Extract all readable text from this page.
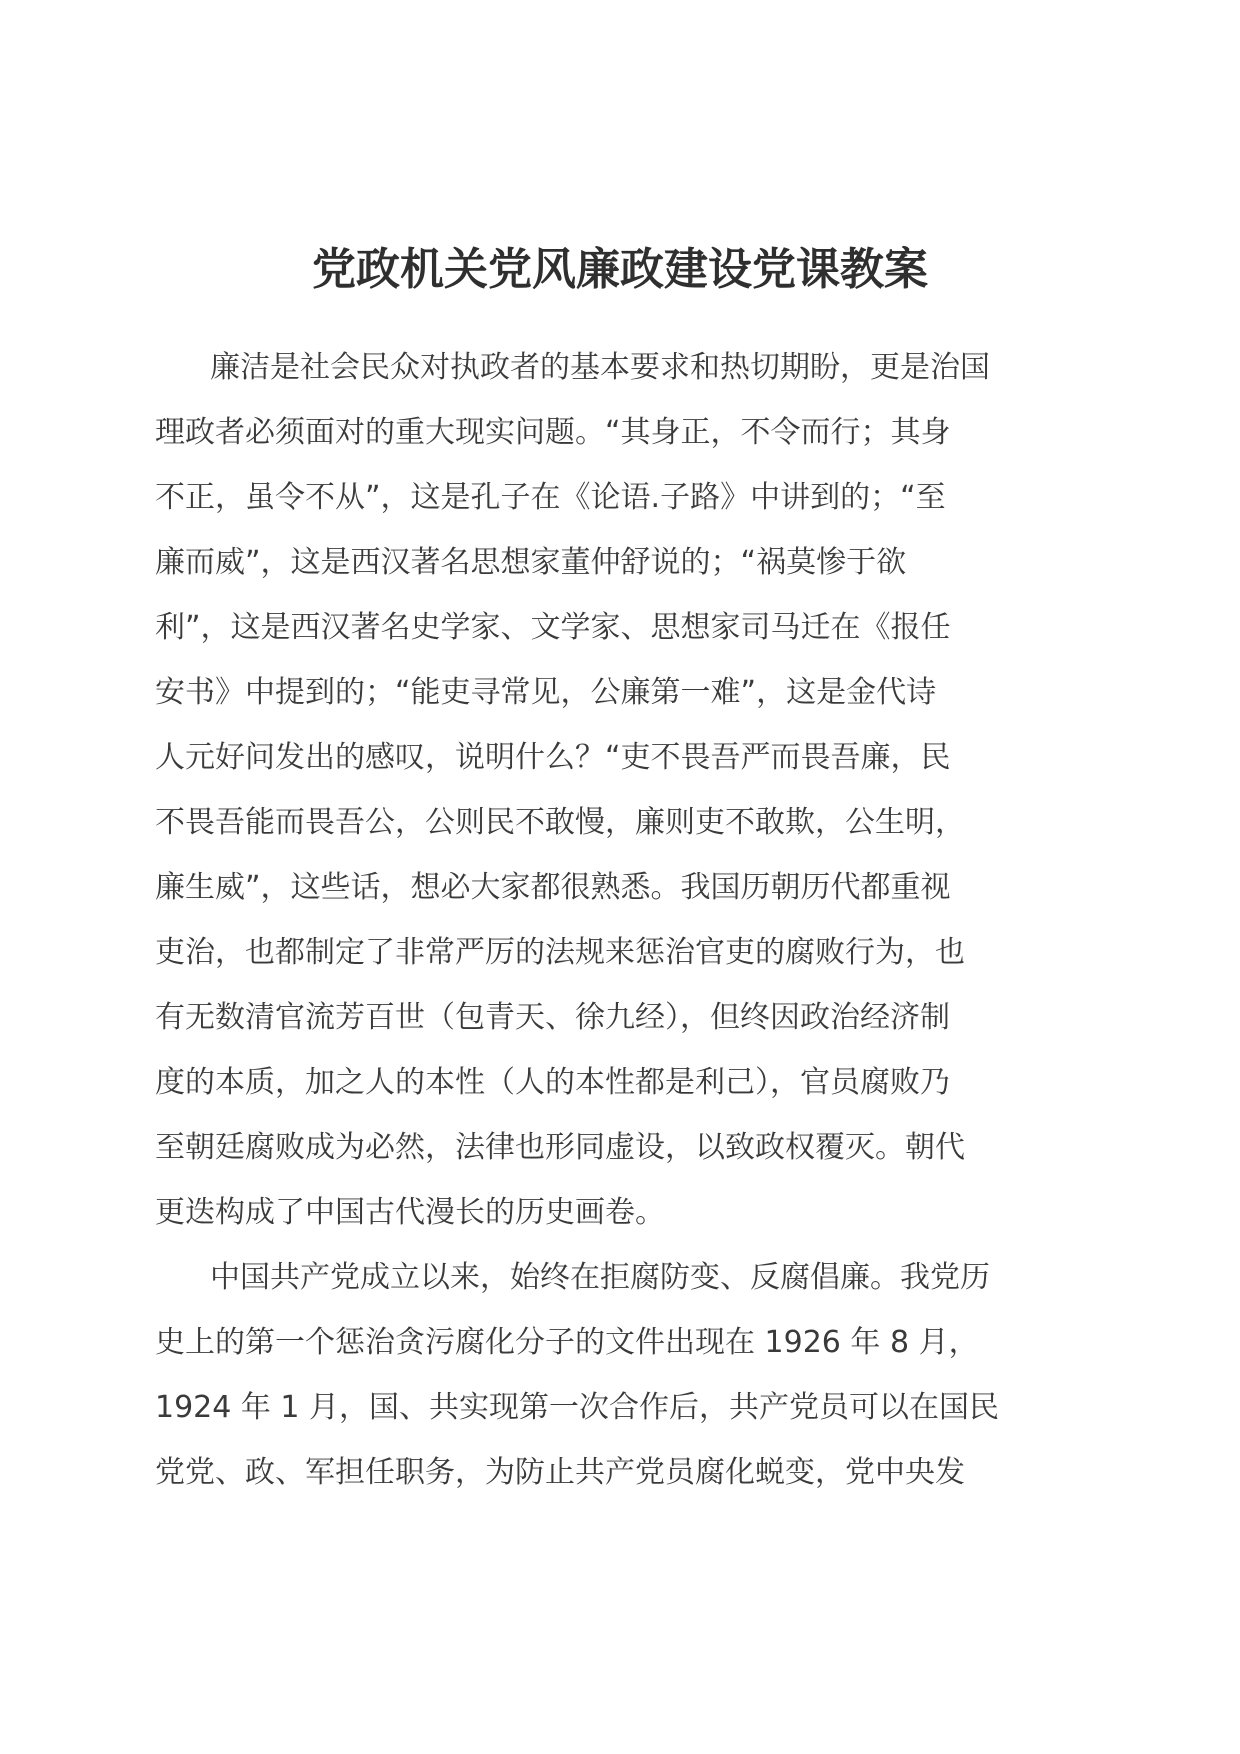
党政机关党风廉政建设党课教案
廉洁是社会民众对执政者的基本要求和热切期盼，更是治国
理政者必须面对的重大现实问题。“其身正，不令而行；其身
不正，虽令不从”，这是孔子在《论语.子路》中讲到的；“至
廉而威”，这是西汉著名思想家董仲舒说的；“祸莫惨于欲
利”，这是西汉著名史学家、文学家、思想家司马迁在《报任
安书》中提到的；“能吏寻常见，公廉第一难”，这是金代诗
人元好问发出的感叹，说明什么？“吏不畏吾严而畏吾廉，民
不畏吾能而畏吾公，公则民不敢慢，廉则吏不敢欺，公生明，
廉生威”，这些话，想必大家都很熟悉。我国历朝历代都重视
吏治，也都制定了非常严厉的法规来惩治官吏的腐败行为，也
有无数清官流芳百世（包青天、徐九经），但终因政治经济制
度的本质，加之人的本性（人的本性都是利己），官员腐败乃
至朝廷腐败成为必然，法律也形同虚设，以致政权覆灭。朝代
更迭构成了中国古代漫长的历史画卷。
中国共产党成立以来，始终在拒腐防变、反腐倡廉。我党历
史上的第一个惩治贪污腐化分子的文件出现在 1926 年 8 月，
1924 年 1 月，国、共实现第一次合作后，共产党员可以在国民
党党、政、军担任职务，为防止共产党员腐化蜕变，党中央发
